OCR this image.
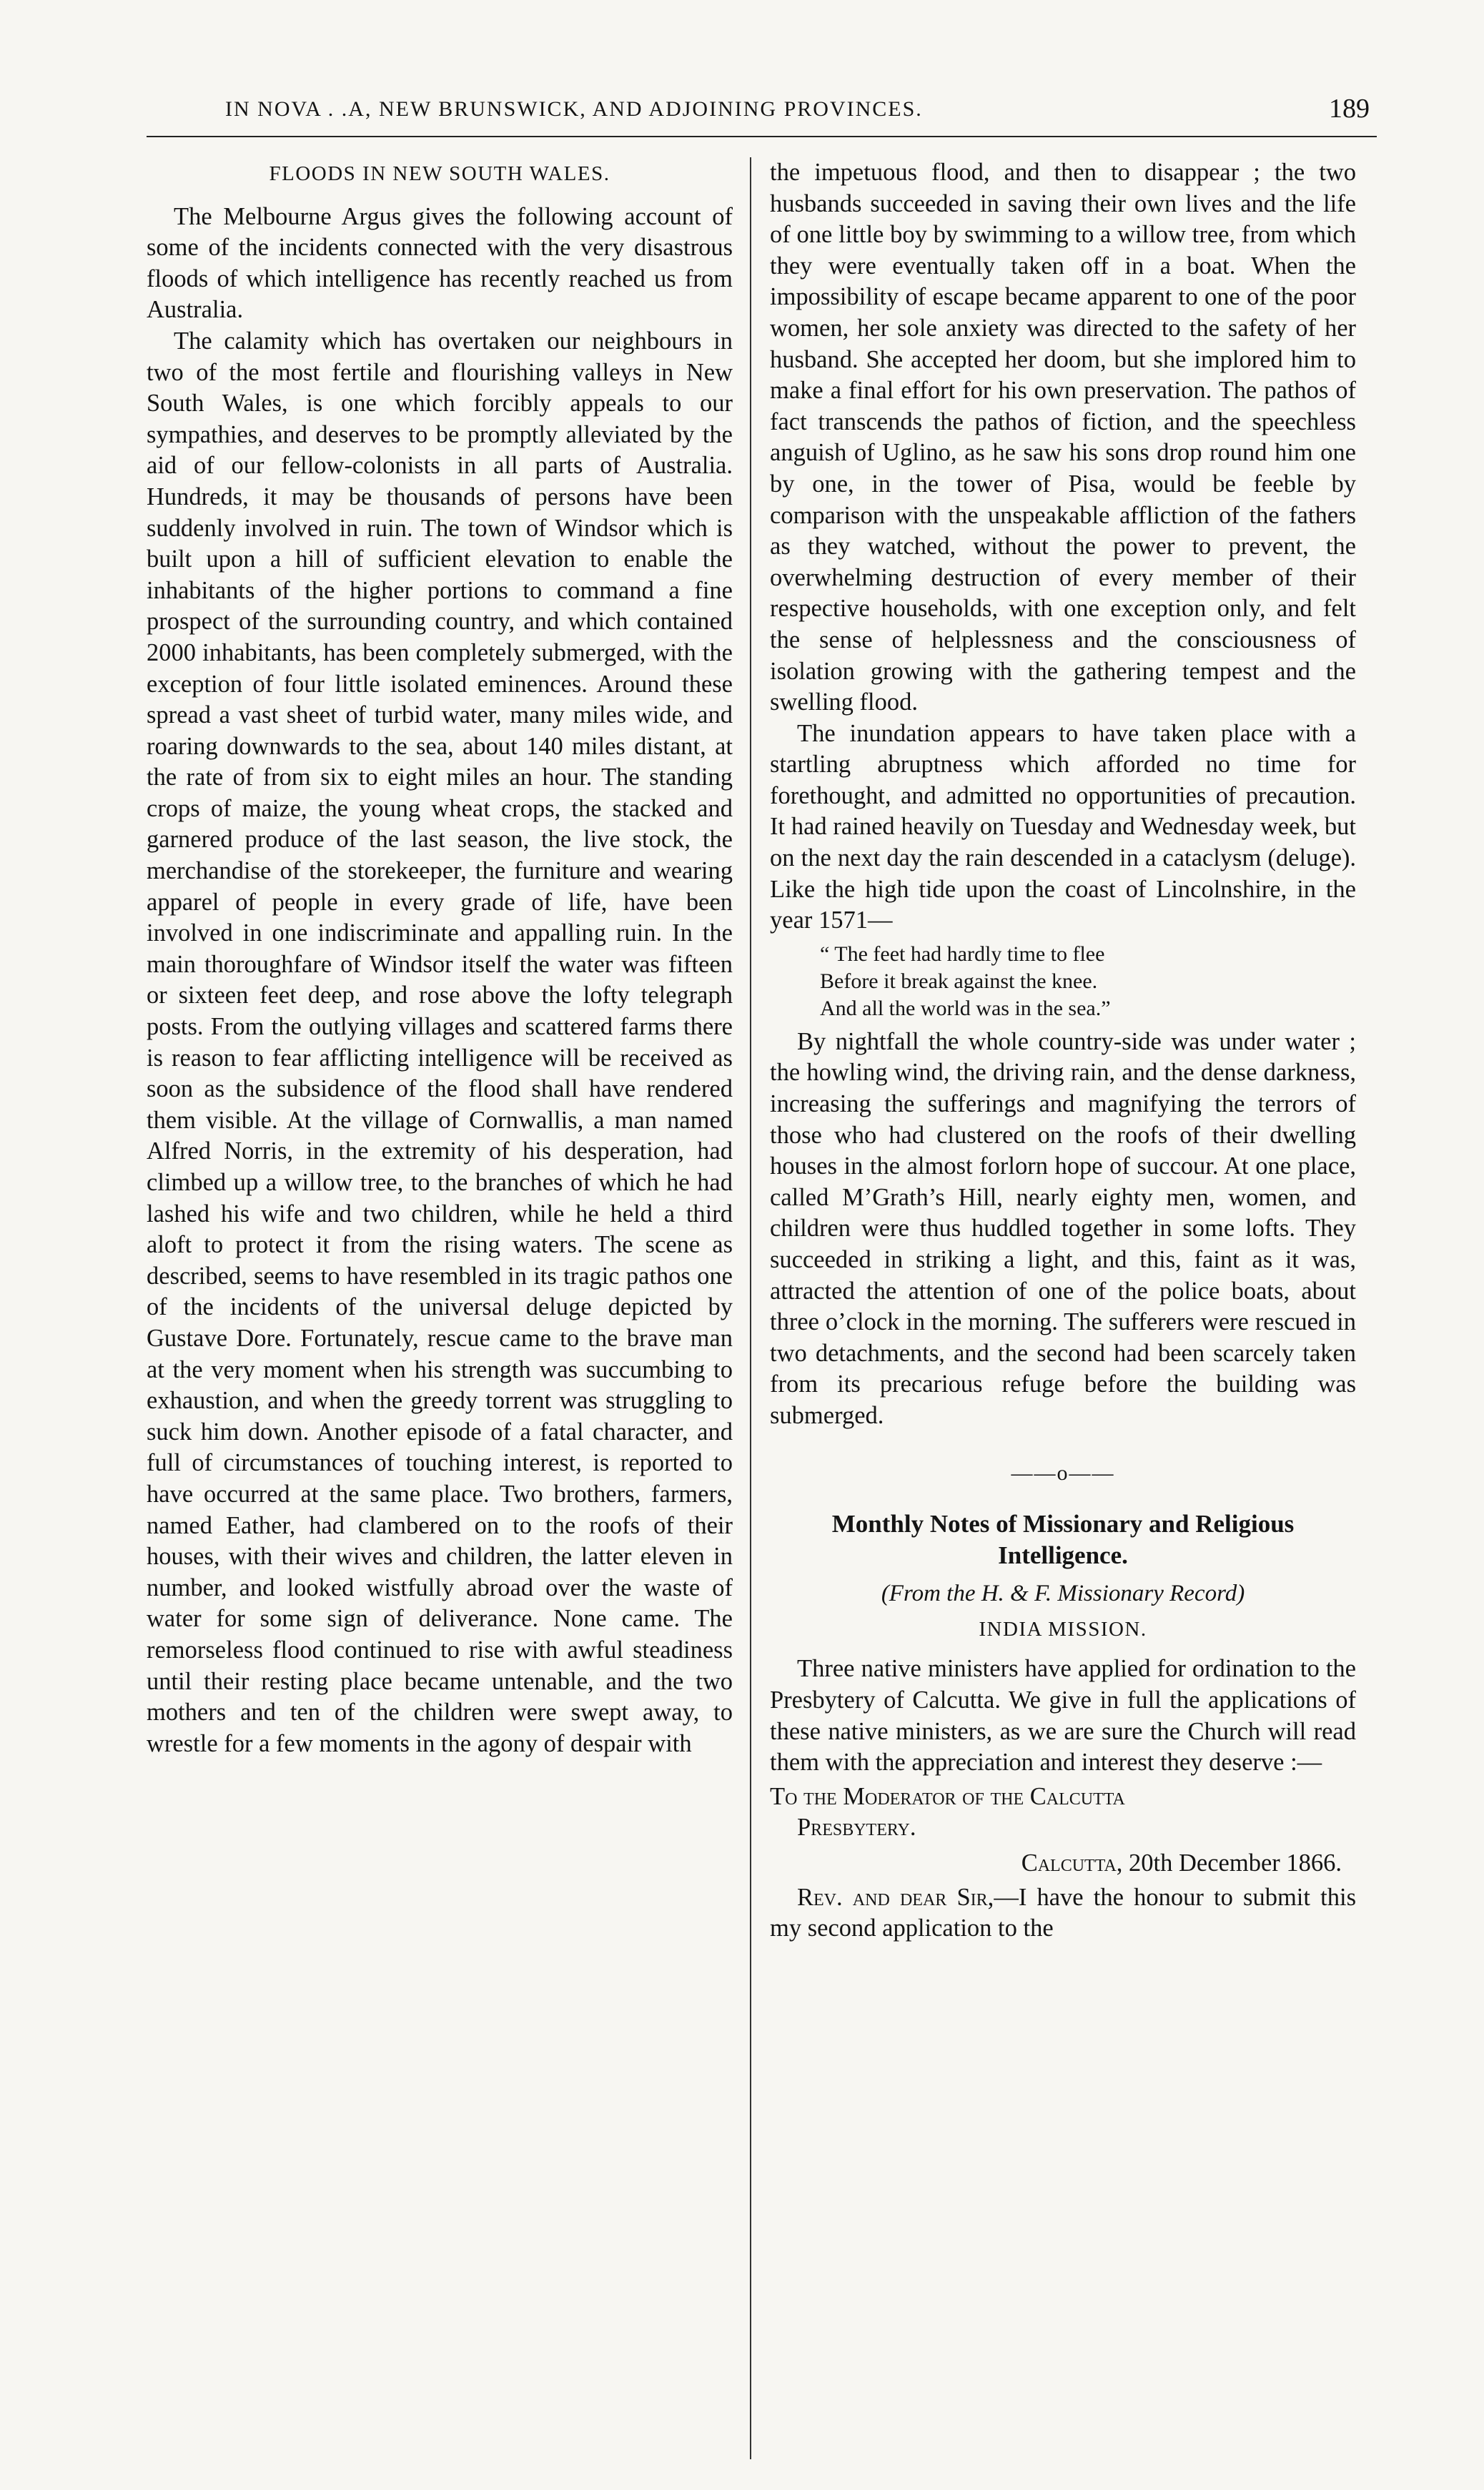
IN NOVA . .A, NEW BRUNSWICK, AND ADJOINING PROVINCES.	189
FLOODS IN NEW SOUTH WALES.

The Melbourne Argus gives the following account of some of the incidents connected with the very disastrous floods of which intelligence has recently reached us from Australia.

The calamity which has overtaken our neighbours in two of the most fertile and flourishing valleys in New South Wales, is one which forcibly appeals to our sympathies, and deserves to be promptly alleviated by the aid of our fellow-colonists in all parts of Australia. Hundreds, it may be thousands of persons have been suddenly involved in ruin. The town of Windsor which is built upon a hill of sufficient elevation to enable the inhabitants of the higher portions to command a fine prospect of the surrounding country, and which contained 2000 inhabitants, has been completely submerged, with the exception of four little isolated eminences. Around these spread a vast sheet of turbid water, many miles wide, and roaring downwards to the sea, about 140 miles distant, at the rate of from six to eight miles an hour. The standing crops of maize, the young wheat crops, the stacked and garnered produce of the last season, the live stock, the merchandise of the storekeeper, the furniture and wearing apparel of people in every grade of life, have been involved in one indiscriminate and appalling ruin. In the main thoroughfare of Windsor itself the water was fifteen or sixteen feet deep, and rose above the lofty telegraph posts. From the outlying villages and scattered farms there is reason to fear afflicting intelligence will be received as soon as the subsidence of the flood shall have rendered them visible. At the village of Cornwallis, a man named Alfred Norris, in the extremity of his desperation, had climbed up a willow tree, to the branches of which he had lashed his wife and two children, while he held a third aloft to protect it from the rising waters. The scene as described, seems to have resembled in its tragic pathos one of the incidents of the universal deluge depicted by Gustave Dore. Fortunately, rescue came to the brave man at the very moment when his strength was succumbing to exhaustion, and when the greedy torrent was struggling to suck him down. Another episode of a fatal character, and full of circumstances of touching interest, is reported to have occurred at the same place. Two brothers, farmers, named Eather, had clambered on to the roofs of their houses, with their wives and children, the latter eleven in number, and looked wistfully abroad over the waste of water for some sign of deliverance. None came. The remorseless flood continued to rise with awful steadiness until their resting place became untenable, and the two mothers and ten of the children were swept away, to wrestle for a few moments in the agony of despair with

the impetuous flood, and then to disappear ; the two husbands succeeded in saving their own lives and the life of one little boy by swimming to a willow tree, from which they were eventually taken off in a boat. When the impossibility of escape became apparent to one of the poor women, her sole anxiety was directed to the safety of her husband. She accepted her doom, but she implored him to make a final effort for his own preservation. The pathos of fact transcends the pathos of fiction, and the speechless anguish of Uglino, as he saw his sons drop round him one by one, in the tower of Pisa, would be feeble by comparison with the unspeakable affliction of the fathers as they watched, without the power to prevent, the overwhelming destruction of every member of their respective households, with one exception only, and felt the sense of helplessness and the consciousness of isolation growing with the gathering tempest and the swelling flood.

The inundation appears to have taken place with a startling abruptness which afforded no time for forethought, and admitted no opportunities of precaution. It had rained heavily on Tuesday and Wednesday week, but on the next day the rain descended in a cataclysm (deluge). Like the high tide upon the coast of Lincolnshire, in the year 1571—

“ The feet had hardly time to flee
Before it break against the knee.
And all the world was in the sea.”

By nightfall the whole country-side was under water ; the howling wind, the driving rain, and the dense darkness, increasing the sufferings and magnifying the terrors of those who had clustered on the roofs of their dwelling houses in the almost forlorn hope of succour. At one place, called M’Grath’s Hill, nearly eighty men, women, and children were thus huddled together in some lofts. They succeeded in striking a light, and this, faint as it was, attracted the attention of one of the police boats, about three o’clock in the morning. The sufferers were rescued in two detachments, and the second had been scarcely taken from its precarious refuge before the building was submerged.

——o——
Monthly Notes of Missionary and Religious Intelligence.
(From the H. & F. Missionary Record)
INDIA MISSION.

Three native ministers have applied for ordination to the Presbytery of Calcutta. We give in full the applications of these native ministers, as we are sure the Church will read them with the appreciation and interest they deserve :—

To the Moderator of the Calcutta
Presbytery.
Calcutta, 20th December 1866.

Rev. and dear Sir,—I have the honour to submit this my second application to the
